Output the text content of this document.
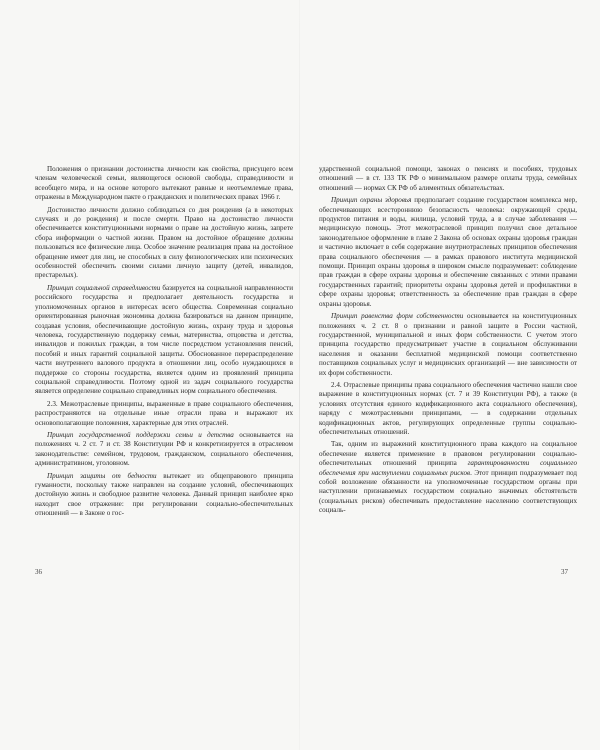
Положения о признании достоинства личности как свойства, присущего всем членам человеческой семьи, являющегося основой свободы, справедливости и всеобщего мира, и на основе которого вытекают равные и неотъемлемые права, отражены в Международном пакте о гражданских и политических правах 1966 г.

Достоинство личности должно соблюдаться со дня рождения (а в некоторых случаях и до рождения) и после смерти. Право на достоинство личности обеспечивается конституционными нормами о праве на достойную жизнь, запрете сбора информации о частной жизни. Правом на достойное обращение должны пользоваться все физические лица. Особое значение реализация права на достойное обращение имеет для лиц, не способных в силу физиологических или психических особенностей обеспечить своими силами личную защиту (детей, инвалидов, престарелых).

Принцип социальной справедливости базируется на социальной направленности российского государства и предполагает деятельность государства и уполномоченных органов в интересах всего общества. Современная социально ориентированная рыночная экономика должна базироваться на данном принципе, создавая условия, обеспечивающие достойную жизнь, охрану труда и здоровья человека, государственную поддержку семьи, материнства, отцовства и детства, инвалидов и пожилых граждан, в том числе посредством установления пенсий, пособий и иных гарантий социальной защиты. Обоснованное перераспределение части внутреннего валового продукта в отношении лиц, особо нуждающихся в поддержке со стороны государства, является одним из проявлений принципа социальной справедливости. Поэтому одной из задач социального государства является определение социально справедливых норм социального обеспечения.

2.3. Межотраслевые принципы, выраженные в праве социального обеспечения, распространяются на отдельные иные отрасли права и выражают их основополагающие положения, характерные для этих отраслей.

Принцип государственной поддержки семьи и детства основывается на положениях ч. 2 ст. 7 и ст. 38 Конституции РФ и конкретизируется в отраслевом законодательстве: семейном, трудовом, гражданском, социального обеспечения, административном, уголовном.

Принцип защиты от бедности вытекает из общеправового принципа гуманности, поскольку также направлен на создание условий, обеспечивающих достойную жизнь и свободное развитие человека. Данный принцип наиболее ярко находит свое отражение: при регулировании социально-обеспечительных отношений — в Законе о гос-

36

ударственной социальной помощи, законах о пенсиях и пособиях, трудовых отношений — в ст. 133 ТК РФ о минимальном размере оплаты труда, семейных отношений — нормах СК РФ об алиментных обязательствах.

Принцип охраны здоровья предполагает создание государством комплекса мер, обеспечивающих всестороннюю безопасность человека: окружающей среды, продуктов питания и воды, жилища, условий труда, а в случае заболевания — медицинскую помощь. Этот межотраслевой принцип получил свое детальное законодательное оформление в главе 2 Закона об основах охраны здоровья граждан и частично включает в себя содержание внутриотраслевых принципов обеспечения права социального обеспечения — в рамках правового института медицинской помощи. Принцип охраны здоровья в широком смысле подразумевает: соблюдение прав граждан в сфере охраны здоровья и обеспечение связанных с этими правами государственных гарантий; приоритеты охраны здоровья детей и профилактики в сфере охраны здоровья; ответственность за обеспечение прав граждан в сфере охраны здоровья.

Принцип равенства форм собственности основывается на конституционных положениях ч. 2 ст. 8 о признании и равной защите в России частной, государственной, муниципальной и иных форм собственности. С учетом этого принципа государство предусматривает участие в социальном обслуживании населения и оказании бесплатной медицинской помощи соответственно поставщиков социальных услуг и медицинских организаций — вне зависимости от их форм собственности.

2.4. Отраслевые принципы права социального обеспечения частично нашли свое выражение в конституционных нормах (ст. 7 и 39 Конституции РФ), а также (в условиях отсутствия единого кодификационного акта социального обеспечения), наряду с межотраслевыми принципами, — в содержании отдельных кодификационных актов, регулирующих определенные группы социально-обеспечительных отношений.

Так, одним из выражений конституционного права каждого на социальное обеспечение является применение в правовом регулировании социально-обеспечительных отношений принципа гарантированности социального обеспечения при наступлении социальных рисков. Этот принцип подразумевает под собой возложение обязанности на уполномоченные государством органы при наступлении признаваемых государством социально значимых обстоятельств (социальных рисков) обеспечивать предоставление населению соответствующих социаль-

37
